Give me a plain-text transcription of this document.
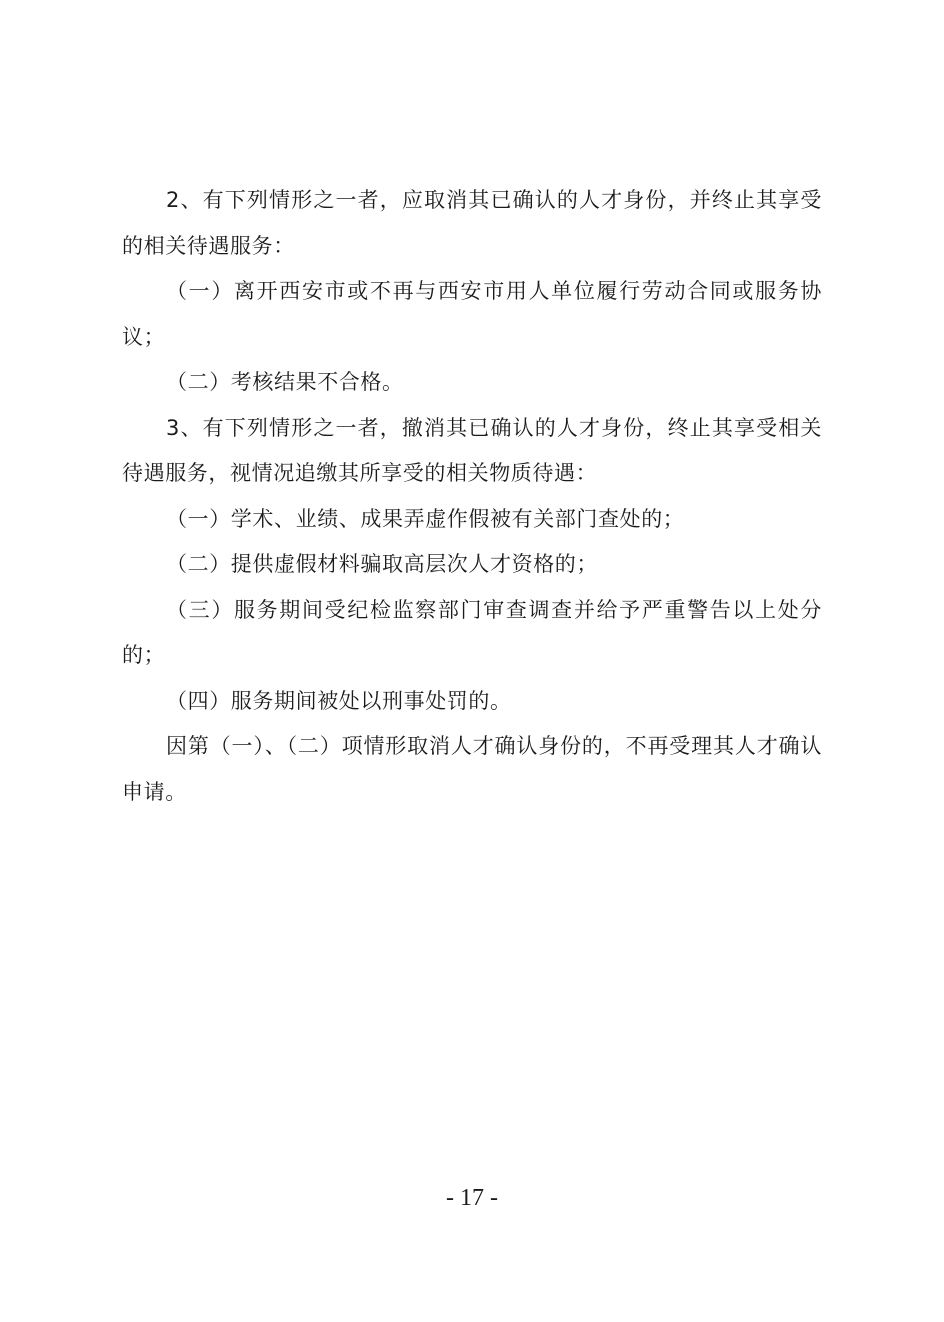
2、有下列情形之一者，应取消其已确认的人才身份，并终止其享受的相关待遇服务：

（一）离开西安市或不再与西安市用人单位履行劳动合同或服务协议；

（二）考核结果不合格。

3、有下列情形之一者，撤消其已确认的人才身份，终止其享受相关待遇服务，视情况追缴其所享受的相关物质待遇：

（一）学术、业绩、成果弄虚作假被有关部门查处的；

（二）提供虚假材料骗取高层次人才资格的；

（三）服务期间受纪检监察部门审查调查并给予严重警告以上处分的；

（四）服务期间被处以刑事处罚的。

因第（一）、（二）项情形取消人才确认身份的，不再受理其人才确认申请。

- 17 -
